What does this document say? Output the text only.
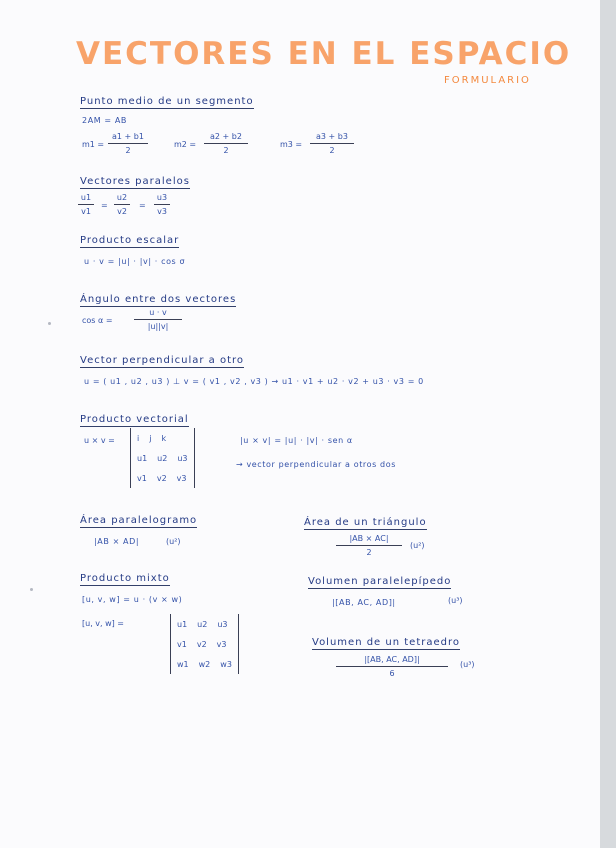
VECTORES EN EL ESPACIO
FORMULARIO
Punto medio de un segmento
2AM = AB
m1 =
a1 + b1
2
m2 =
a2 + b2
2
m3 =
a3 + b3
2
Vectores paralelos
u1
v1
=
u2
v2
=
u3
v3
Producto escalar
u · v = |u| · |v| · cos σ
Ángulo entre dos vectores
cos α =
u · v
|u||v|
Vector perpendicular a otro
u = ( u1 , u2 , u3 ) ⊥ v = ( v1 , v2 , v3 ) → u1 · v1 + u2 · v2 + u3 · v3 = 0
Producto vectorial
u × v =	i j k
u1 u2 u3
v1 v2 v3
|u × v| = |u| · |v| · sen α
→ vector perpendicular a otros dos
Área paralelogramo
|AB × AD|	(u²)
Área de un triángulo
|AB × AC|
2
(u²)
Producto mixto
[u, v, w] = u · (v × w)
[u, v, w] =	u1 u2 u3
v1 v2 v3
w1 w2 w3
Volumen paralelepípedo
|[AB, AC, AD]|	(u³)
Volumen de un tetraedro
|[AB, AC, AD]|
6
(u³)
